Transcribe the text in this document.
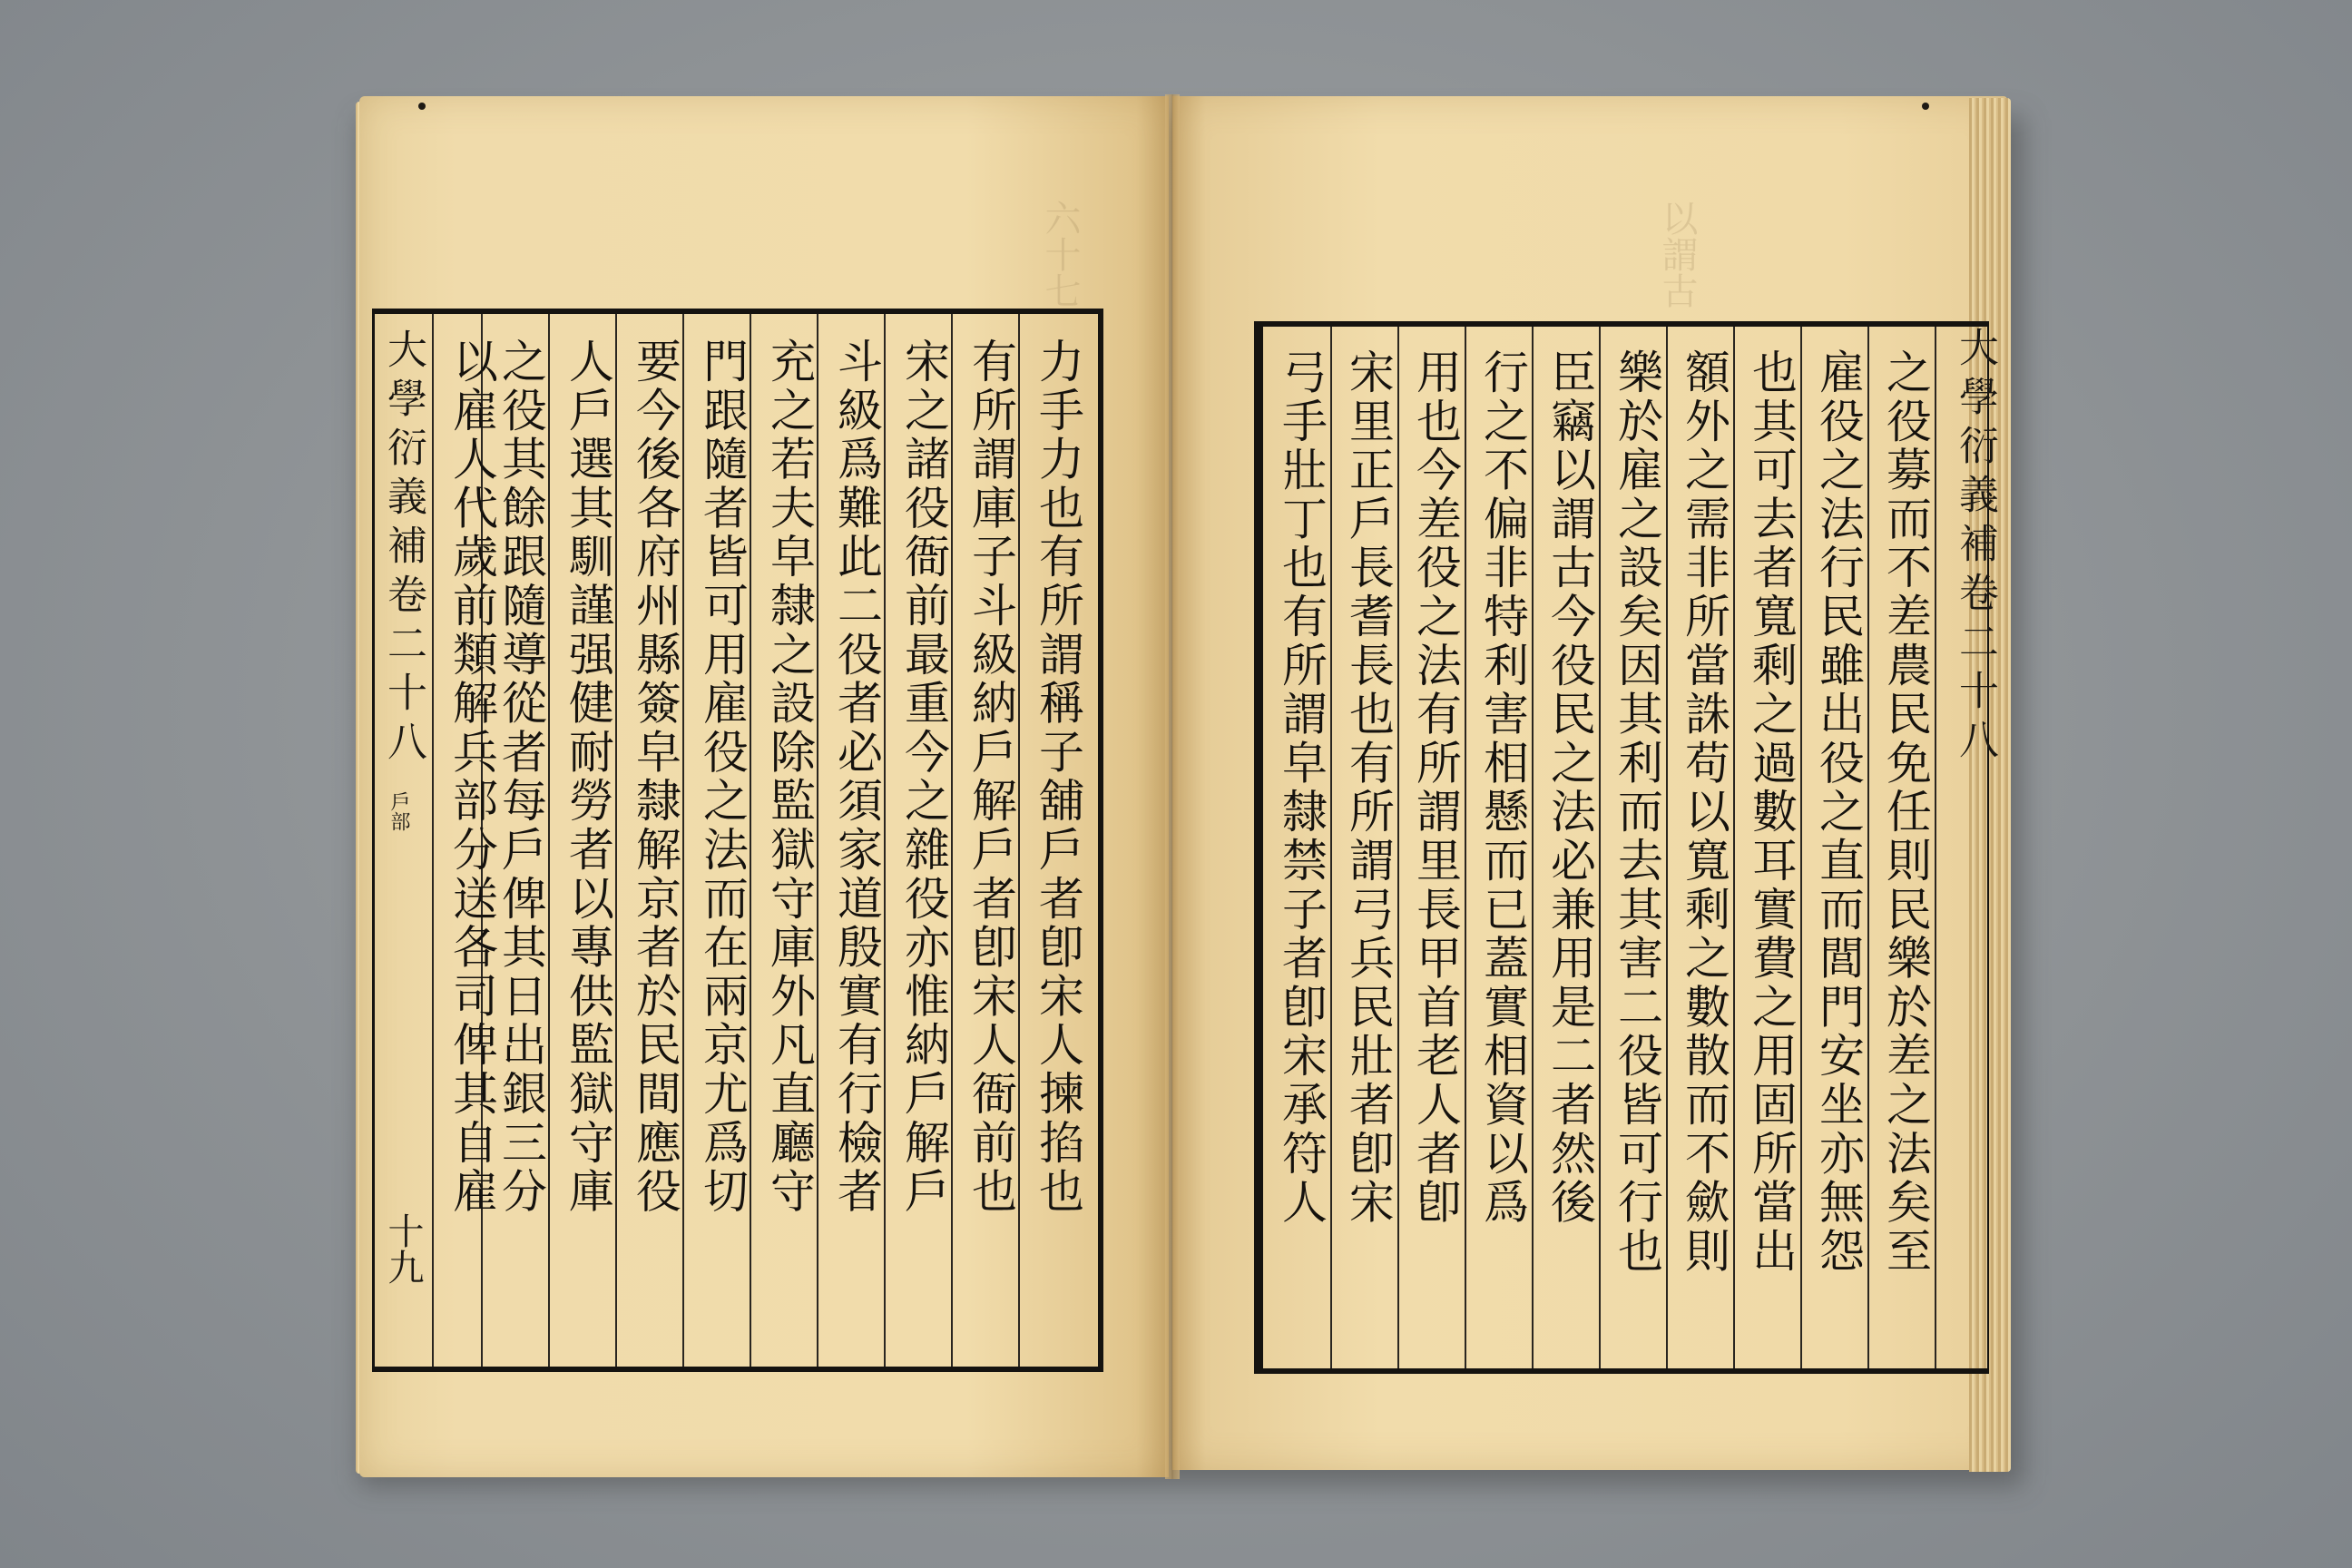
六十七	以謂古
大學衍義補卷二十八
戶部
十九
力手力也有所謂稱子舖戶者卽宋人揀掐也
有所謂庫子斗級納戶解戶者卽宋人衙前也
宋之諸役衙前最重今之雜役亦惟納戶解戶
斗級爲難此二役者必須家道殷實有行檢者
充之若夫皁隸之設除監獄守庫外凡直廳守
門跟隨者皆可用雇役之法而在兩京尤爲切
要今後各府州縣簽皁隸解京者於民間應役
人戶選其馴謹强健耐勞者以專供監獄守庫
之役其餘跟隨導從者每戶俾其日出銀三分
以雇人代歲前類解兵部分送各司俾其自雇	大學衍義補卷二十八
之役募而不差農民免任則民樂於差之法矣至
雇役之法行民雖出役之直而閭門安坐亦無怨
也其可去者寬剩之過數耳實費之用固所當出
額外之需非所當誅苟以寬剩之數散而不歛則
樂於雇之設矣因其利而去其害二役皆可行也
臣竊以謂古今役民之法必兼用是二者然後
行之不偏非特利害相懸而已蓋實相資以爲
用也今差役之法有所謂里長甲首老人者卽
宋里正戶長耆長也有所謂弓兵民壯者卽宋
弓手壯丁也有所謂皁隸禁子者卽宋承符人
